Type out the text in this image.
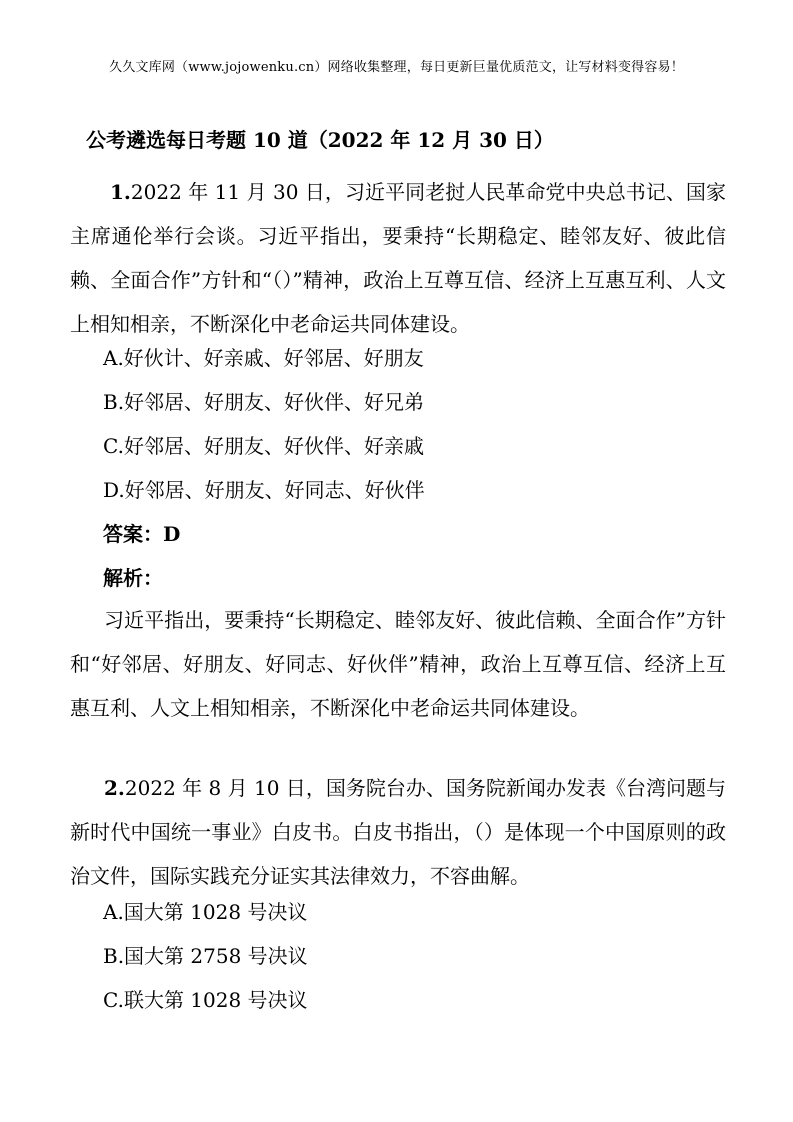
久久文库网（www.jojowenku.cn）网络收集整理，每日更新巨量优质范文，让写材料变得容易！
公考遴选每日考题 10 道（2022 年 12 月 30 日）
1.2022 年 11 月 30 日，习近平同老挝人民革命党中央总书记、国家主席通伦举行会谈。习近平指出，要秉持“长期稳定、睦邻友好、彼此信赖、全面合作”方针和“（）”精神，政治上互尊互信、经济上互惠互利、人文上相知相亲，不断深化中老命运共同体建设。
A.好伙计、好亲戚、好邻居、好朋友
B.好邻居、好朋友、好伙伴、好兄弟
C.好邻居、好朋友、好伙伴、好亲戚
D.好邻居、好朋友、好同志、好伙伴
答案：D
解析：
习近平指出，要秉持“长期稳定、睦邻友好、彼此信赖、全面合作”方针和“好邻居、好朋友、好同志、好伙伴”精神，政治上互尊互信、经济上互惠互利、人文上相知相亲，不断深化中老命运共同体建设。
2.2022 年 8 月 10 日，国务院台办、国务院新闻办发表《台湾问题与新时代中国统一事业》白皮书。白皮书指出，（）是体现一个中国原则的政治文件，国际实践充分证实其法律效力，不容曲解。
A.国大第 1028 号决议
B.国大第 2758 号决议
C.联大第 1028 号决议
